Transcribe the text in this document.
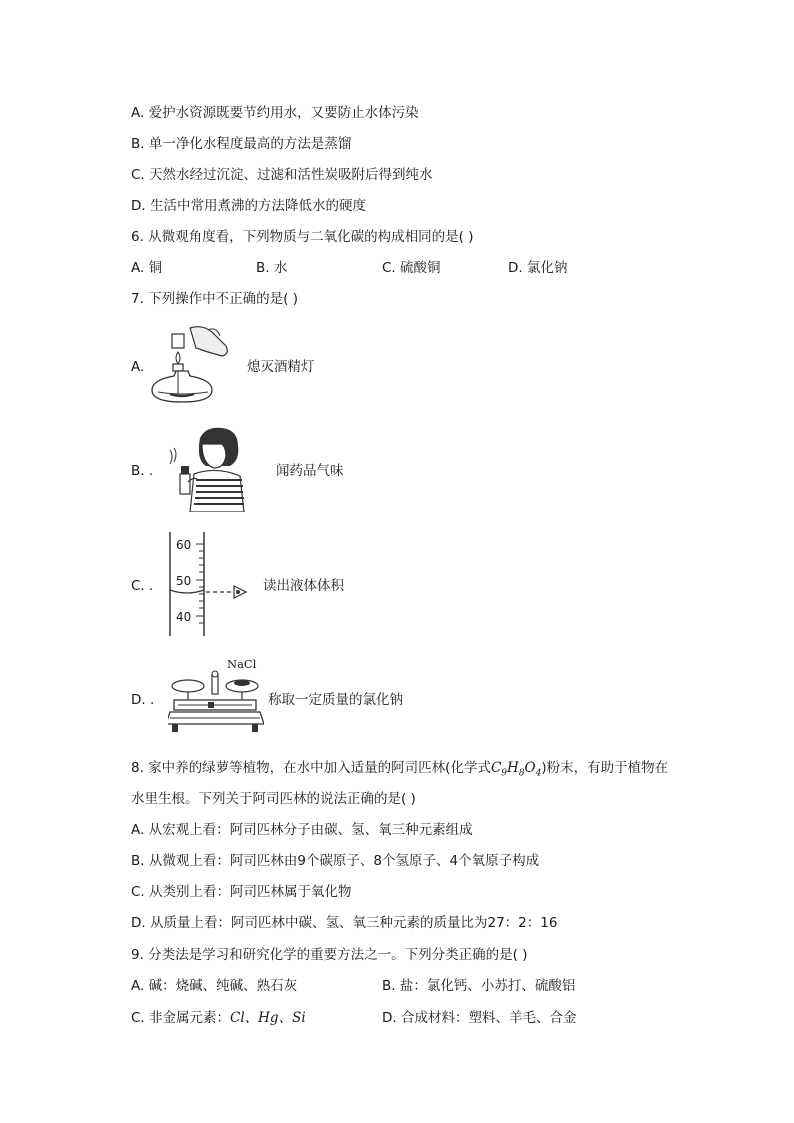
A. 爱护水资源既要节约用水，又要防止水体污染
B. 单一净化水程度最高的方法是蒸馏
C. 天然水经过沉淀、过滤和活性炭吸附后得到纯水
D. 生活中常用煮沸的方法降低水的硬度
6. 从微观角度看，下列物质与二氧化碳的构成相同的是( )
A. 铜	B. 水	C. 硫酸铜	D. 氯化钠
7. 下列操作中不正确的是( )
A.	熄灭酒精灯
B. .	闻药品气味
C. .
60
50
40
读出液体体积
D. .
NaCl
称取一定质量的氯化钠
8. 家中养的绿萝等植物，在水中加入适量的阿司匹林(化学式$C_9H_8O_4$)粉末，有助于植物在
水里生根。下列关于阿司匹林的说法正确的是( )
A. 从宏观上看：阿司匹林分子由碳、氢、氧三种元素组成
B. 从微观上看：阿司匹林由9个碳原子、8个氢原子、4个氧原子构成
C. 从类别上看：阿司匹林属于氧化物
D. 从质量上看：阿司匹林中碳、氢、氧三种元素的质量比为27：2：16
9. 分类法是学习和研究化学的重要方法之一。下列分类正确的是( )
A. 碱：烧碱、纯碱、熟石灰	B. 盐：氯化钙、小苏打、硫酸铝
C. 非金属元素：Cl、Hg、Si	D. 合成材料：塑料、羊毛、合金
